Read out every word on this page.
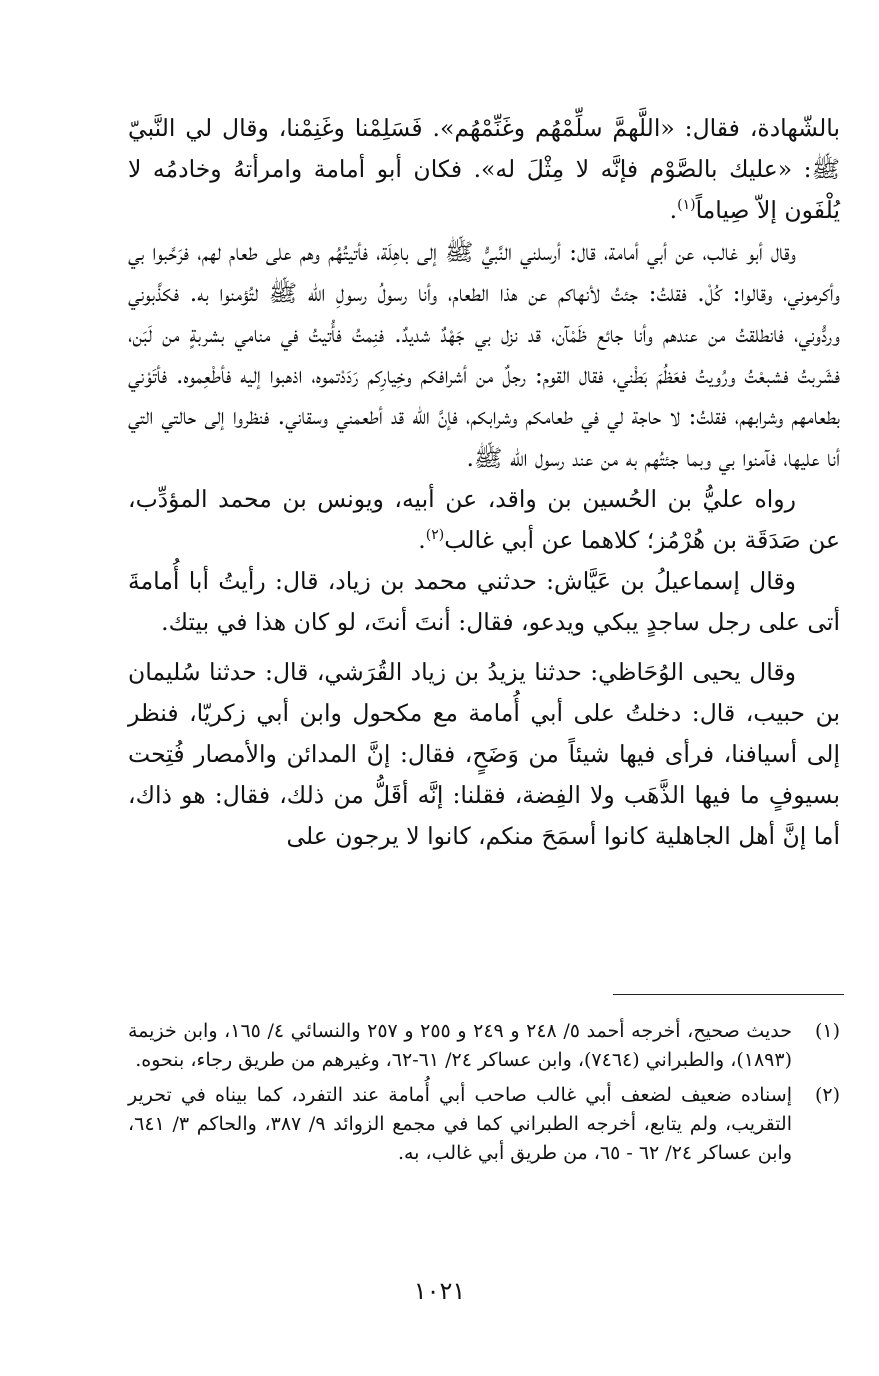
بالشّهادة، فقال: «اللَّهمَّ سلِّمْهُم وغَنِّمْهُم». فَسَلِمْنا وغَنِمْنا، وقال لي النَّبيّ ﷺ: «عليك بالصَّوْم فإنَّه لا مِثْلَ له». فكان أبو أمامة وامرأتهُ وخادمُه لا يُلْفَون إلاّ صِياماً$^{(١)}$.

وقال أبو غالب، عن أبي أمامة، قال: أرسلني النَّبيُّ ﷺ إلى باهِلَة، فأتيتُهُم وهم على طعام لهم، فرَحَّبوا بي وأكرموني، وقالوا: كُلْ. فقلتُ: جئتُ لأنهاكم عن هذا الطعام، وأنا رسولُ رسولِ الله ﷺ لتُؤمنوا به. فكذَّبوني وردُّوني، فانطلقتُ من عندهم وأنا جائع ظَمْآن، قد نزل بي جَهْدٌ شديدٌ. فنِمتُ فأُتيتُ في منامي بشربةٍ من لَبَن، فشَربتُ فشبعْتُ ورُويتُ فعَظُمَ بَطْني، فقال القوم: رجلٌ من أشرافكم وخِيارِكم رَدَدْتموه، اذهبوا إليه فأطْعِموه. فأتَوْني بطعامهم وشرابهم، فقلتُ: لا حاجة لي في طعامكم وشرابكم، فإنَّ الله قد أطعمني وسقاني. فنظروا إلى حالتي التي أنا عليها، فآمنوا بي وبما جئتُهم به من عند رسول الله ﷺ.

رواه عليُّ بن الحُسين بن واقد، عن أبيه، ويونس بن محمد المؤدِّب، عن صَدَقَة بن هُرْمُز؛ كلاهما عن أبي غالب$^{(٢)}$.

وقال إسماعيلُ بن عَيَّاش: حدثني محمد بن زياد، قال: رأيتُ أبا أُمامةَ أتى على رجل ساجدٍ يبكي ويدعو، فقال: أنتَ أنتَ، لو كان هذا في بيتك.

وقال يحيى الوُحَاظي: حدثنا يزيدُ بن زياد القُرَشي، قال: حدثنا سُليمان بن حبيب، قال: دخلتُ على أبي أُمامة مع مكحول وابن أبي زكريّا، فنظر إلى أسيافنا، فرأى فيها شيئاً من وَضَحٍ، فقال: إنَّ المدائن والأمصار فُتِحت بسيوفٍ ما فيها الذَّهَب ولا الفِضة، فقلنا: إنَّه أقَلُّ من ذلك، فقال: هو ذاك، أما إنَّ أهل الجاهلية كانوا أسمَحَ منكم، كانوا لا يرجون على

(١)
حديث صحيح، أخرجه أحمد ٥/ ٢٤٨ و ٢٤٩ و ٢٥٥ و ٢٥٧ والنسائي ٤/ ١٦٥، وابن خزيمة (١٨٩٣)، والطبراني (٧٤٦٤)، وابن عساكر ٢٤/ ٦١-٦٢، وغيرهم من طريق رجاء، بنحوه.
(٢)
إسناده ضعيف لضعف أبي غالب صاحب أبي أُمامة عند التفرد، كما بيناه في تحرير التقريب، ولم يتابع، أخرجه الطبراني كما في مجمع الزوائد ٩/ ٣٨٧، والحاكم ٣/ ٦٤١، وابن عساكر ٢٤/ ٦٢ - ٦٥، من طريق أبي غالب، به.
١٠٢١
